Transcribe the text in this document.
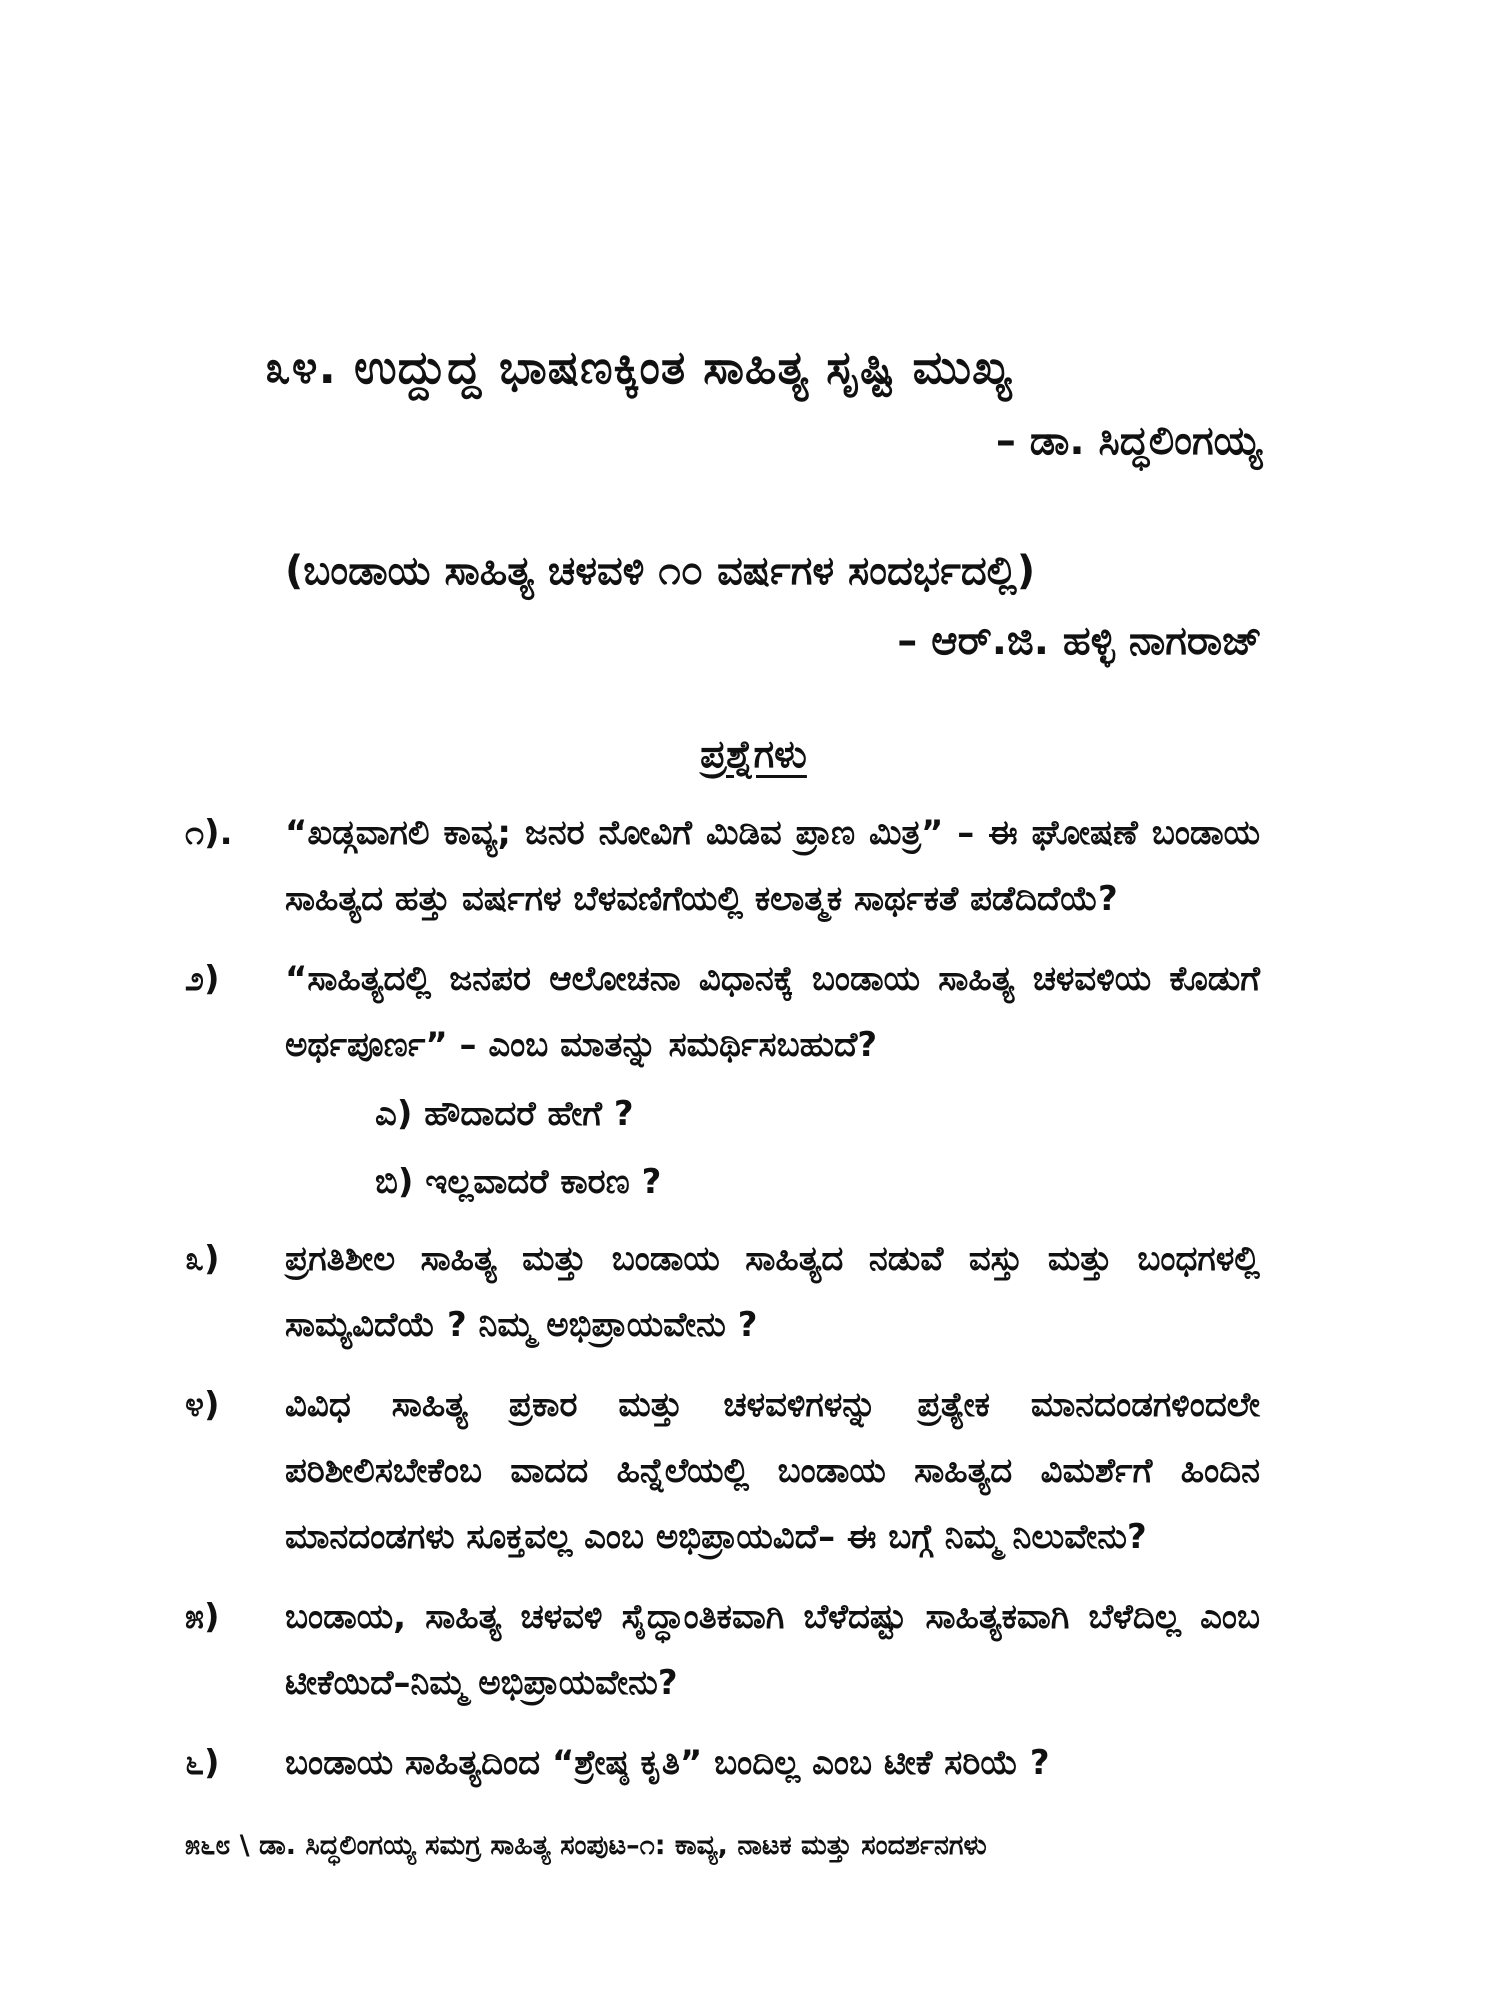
೩೪. ಉದ್ದುದ್ದ ಭಾಷಣಕ್ಕಿಂತ ಸಾಹಿತ್ಯ ಸೃಷ್ಟಿ ಮುಖ್ಯ
– ಡಾ. ಸಿದ್ಧಲಿಂಗಯ್ಯ
(ಬಂಡಾಯ ಸಾಹಿತ್ಯ ಚಳವಳಿ ೧೦ ವರ್ಷಗಳ ಸಂದರ್ಭದಲ್ಲಿ)
– ಆರ್.ಜಿ. ಹಳ್ಳಿ ನಾಗರಾಜ್
ಪ್ರಶ್ನೆಗಳು
೧).	“ಖಡ್ಗವಾಗಲಿ ಕಾವ್ಯ; ಜನರ ನೋವಿಗೆ ಮಿಡಿವ ಪ್ರಾಣ ಮಿತ್ರ” – ಈ ಘೋಷಣೆ ಬಂಡಾಯ ಸಾಹಿತ್ಯದ ಹತ್ತು ವರ್ಷಗಳ ಬೆಳವಣಿಗೆಯಲ್ಲಿ ಕಲಾತ್ಮಕ ಸಾರ್ಥಕತೆ ಪಡೆದಿದೆಯೆ?
೨)	“ಸಾಹಿತ್ಯದಲ್ಲಿ ಜನಪರ ಆಲೋಚನಾ ವಿಧಾನಕ್ಕೆ ಬಂಡಾಯ ಸಾಹಿತ್ಯ ಚಳವಳಿಯ ಕೊಡುಗೆ ಅರ್ಥಪೂರ್ಣ” – ಎಂಬ ಮಾತನ್ನು ಸಮರ್ಥಿಸಬಹುದೆ?
ಎ) ಹೌದಾದರೆ ಹೇಗೆ ?
ಬಿ) ಇಲ್ಲವಾದರೆ ಕಾರಣ ?
೩)	ಪ್ರಗತಿಶೀಲ ಸಾಹಿತ್ಯ ಮತ್ತು ಬಂಡಾಯ ಸಾಹಿತ್ಯದ ನಡುವೆ ವಸ್ತು ಮತ್ತು ಬಂಧಗಳಲ್ಲಿ ಸಾಮ್ಯವಿದೆಯೆ ? ನಿಮ್ಮ ಅಭಿಪ್ರಾಯವೇನು ?
೪)	ವಿವಿಧ ಸಾಹಿತ್ಯ ಪ್ರಕಾರ ಮತ್ತು ಚಳವಳಿಗಳನ್ನು ಪ್ರತ್ಯೇಕ ಮಾನದಂಡಗಳಿಂದಲೇ ಪರಿಶೀಲಿಸಬೇಕೆಂಬ ವಾದದ ಹಿನ್ನೆಲೆಯಲ್ಲಿ ಬಂಡಾಯ ಸಾಹಿತ್ಯದ ವಿಮರ್ಶೆಗೆ ಹಿಂದಿನ ಮಾನದಂಡಗಳು ಸೂಕ್ತವಲ್ಲ ಎಂಬ ಅಭಿಪ್ರಾಯವಿದೆ– ಈ ಬಗ್ಗೆ ನಿಮ್ಮ ನಿಲುವೇನು?
೫)	ಬಂಡಾಯ, ಸಾಹಿತ್ಯ ಚಳವಳಿ ಸೈದ್ಧಾಂತಿಕವಾಗಿ ಬೆಳೆದಷ್ಟು ಸಾಹಿತ್ಯಕವಾಗಿ ಬೆಳೆದಿಲ್ಲ ಎಂಬ ಟೀಕೆಯಿದೆ–ನಿಮ್ಮ ಅಭಿಪ್ರಾಯವೇನು?
೬)	ಬಂಡಾಯ ಸಾಹಿತ್ಯದಿಂದ “ಶ್ರೇಷ್ಠ ಕೃತಿ” ಬಂದಿಲ್ಲ ಎಂಬ ಟೀಕೆ ಸರಿಯೆ ?
೫೬೮ \ ಡಾ. ಸಿದ್ಧಲಿಂಗಯ್ಯ ಸಮಗ್ರ ಸಾಹಿತ್ಯ ಸಂಪುಟ–೧: ಕಾವ್ಯ, ನಾಟಕ ಮತ್ತು ಸಂದರ್ಶನಗಳು
